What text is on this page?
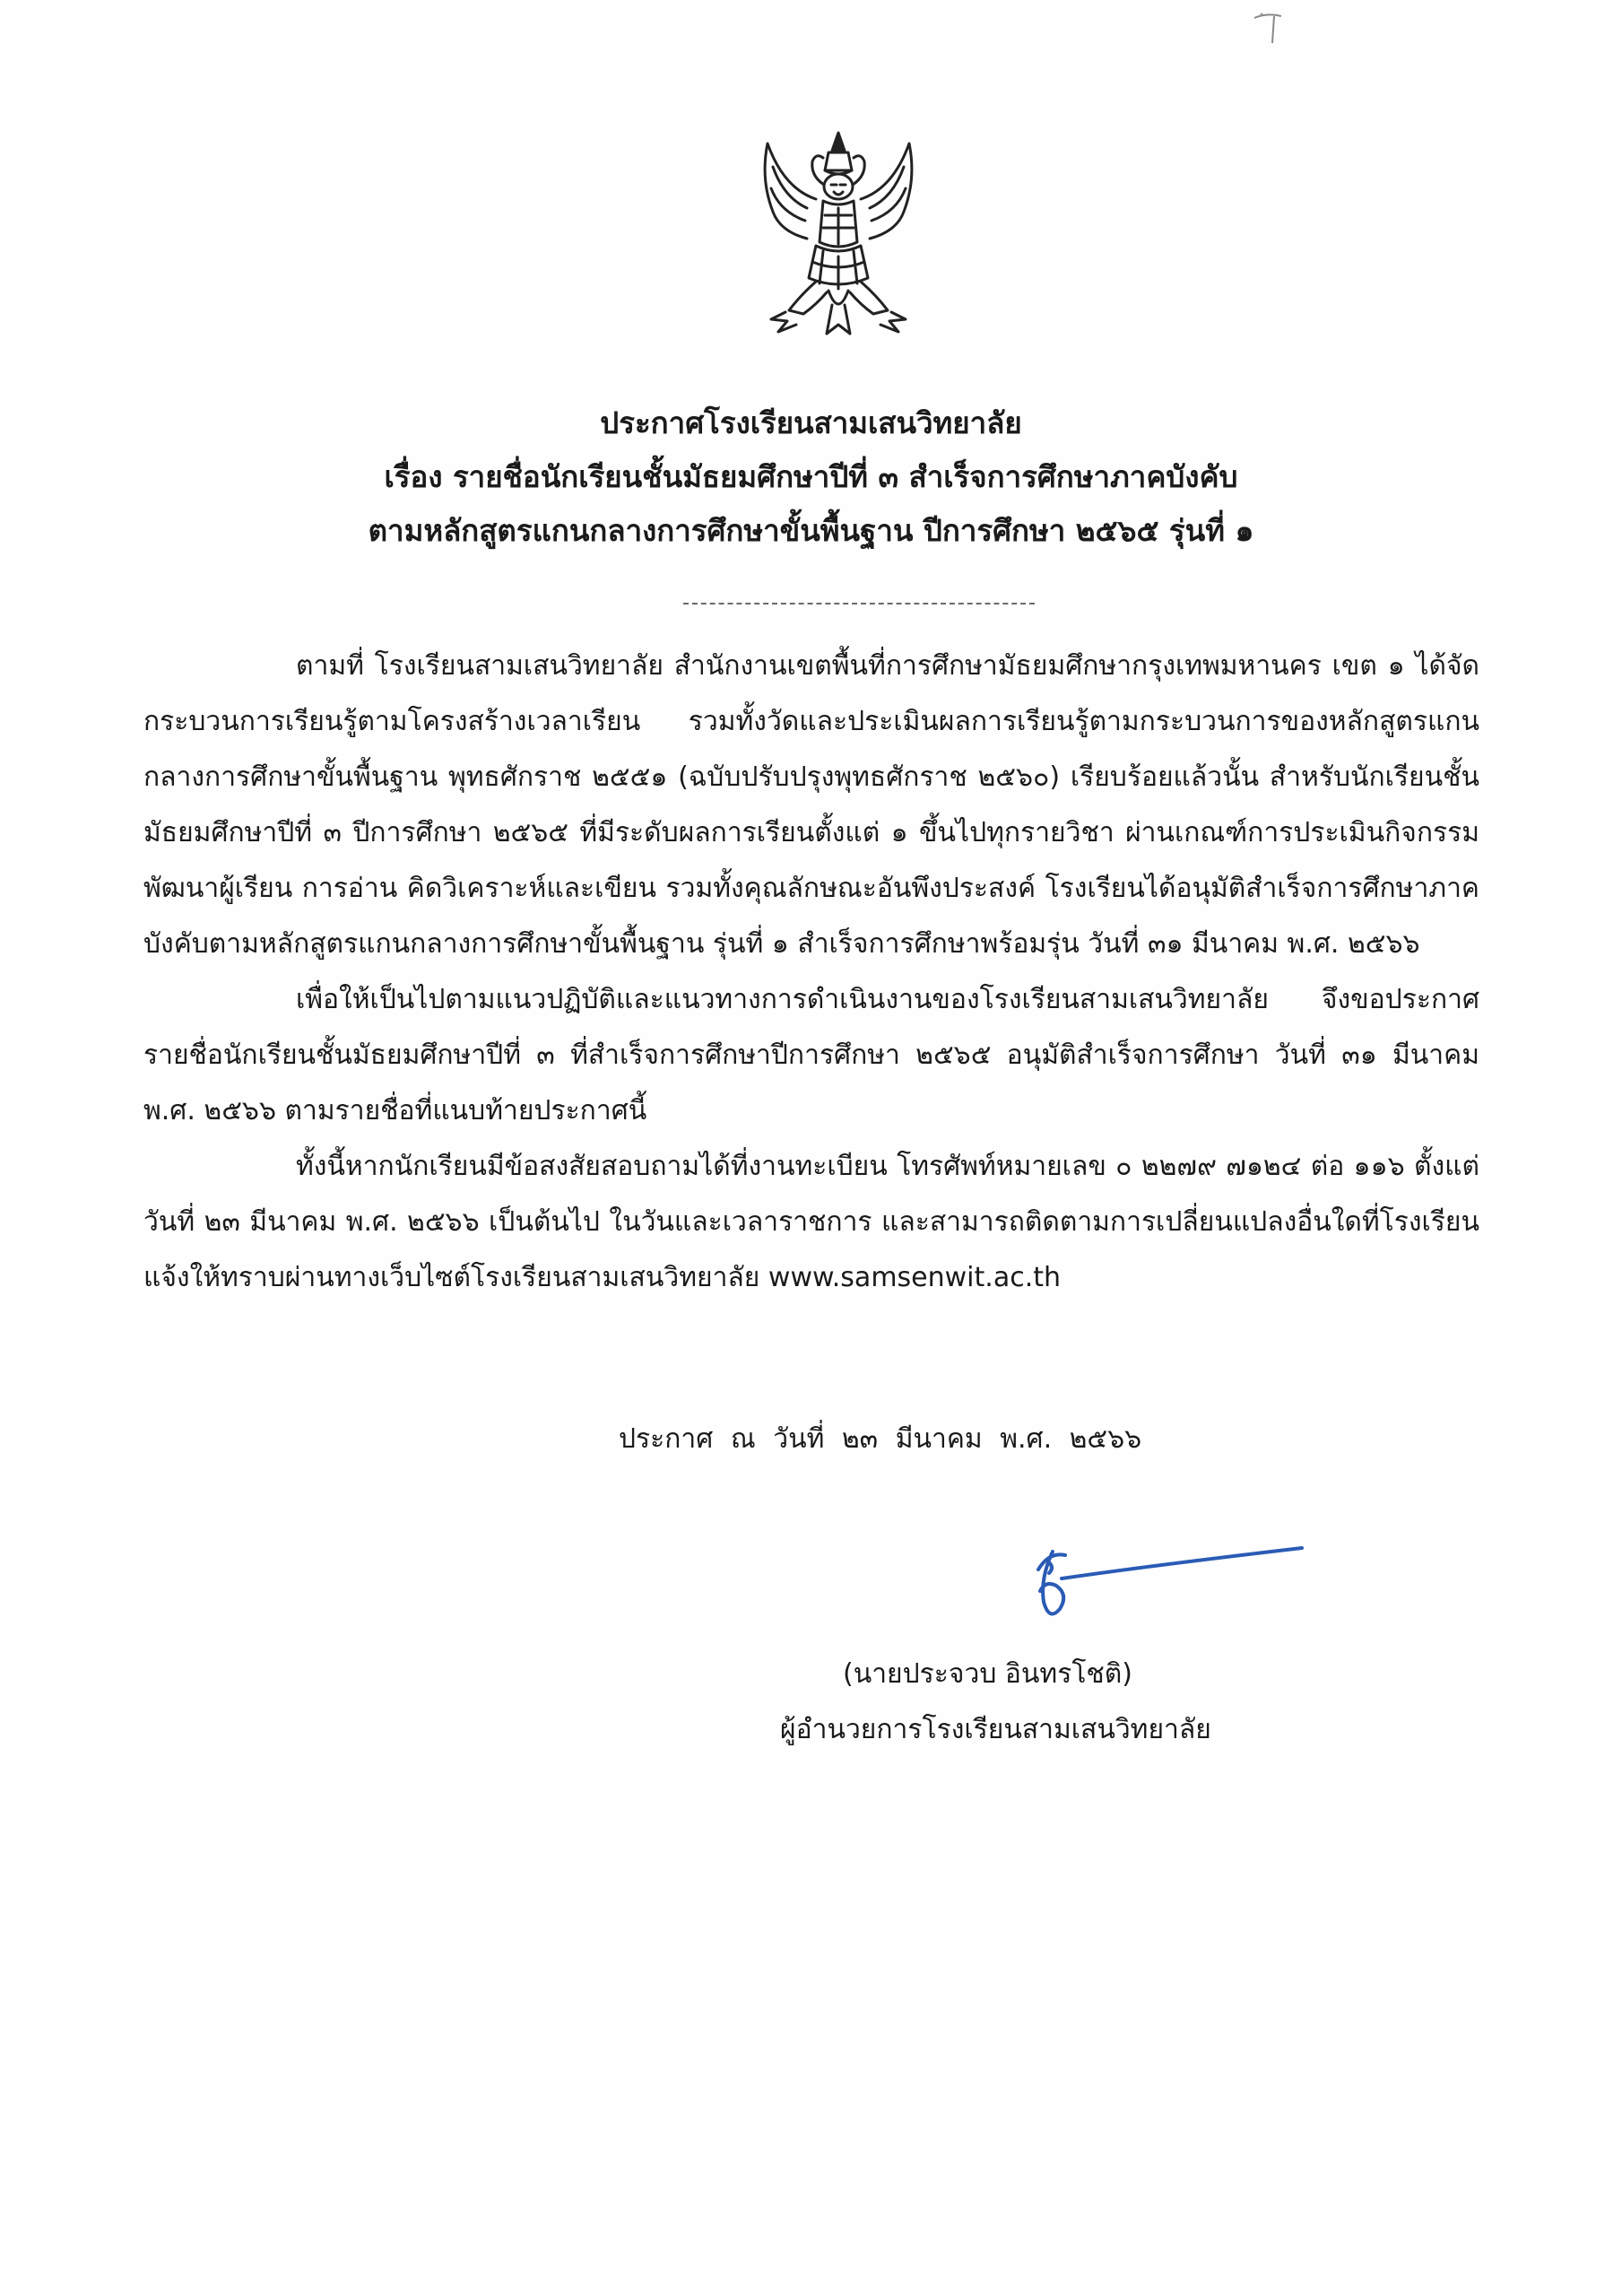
ประกาศโรงเรียนสามเสนวิทยาลัย
เรื่อง รายชื่อนักเรียนชั้นมัธยมศึกษาปีที่ ๓ สำเร็จการศึกษาภาคบังคับ
ตามหลักสูตรแกนกลางการศึกษาขั้นพื้นฐาน ปีการศึกษา ๒๕๖๕ รุ่นที่ ๑

ตามที่ โรงเรียนสามเสนวิทยาลัย สำนักงานเขตพื้นที่การศึกษามัธยมศึกษากรุงเทพมหานคร เขต ๑ ได้จัดกระบวนการเรียนรู้ตามโครงสร้างเวลาเรียน รวมทั้งวัดและประเมินผลการเรียนรู้ตามกระบวนการของหลักสูตรแกนกลางการศึกษาขั้นพื้นฐาน พุทธศักราช ๒๕๕๑ (ฉบับปรับปรุงพุทธศักราช ๒๕๖๐) เรียบร้อยแล้วนั้น สำหรับนักเรียนชั้นมัธยมศึกษาปีที่ ๓ ปีการศึกษา ๒๕๖๕ ที่มีระดับผลการเรียนตั้งแต่ ๑ ขึ้นไปทุกรายวิชา ผ่านเกณฑ์การประเมินกิจกรรมพัฒนาผู้เรียน การอ่าน คิดวิเคราะห์และเขียน รวมทั้งคุณลักษณะอันพึงประสงค์ โรงเรียนได้อนุมัติสำเร็จการศึกษาภาคบังคับตามหลักสูตรแกนกลางการศึกษาขั้นพื้นฐาน รุ่นที่ ๑ สำเร็จการศึกษาพร้อมรุ่น วันที่ ๓๑ มีนาคม พ.ศ. ๒๕๖๖

เพื่อให้เป็นไปตามแนวปฏิบัติและแนวทางการดำเนินงานของโรงเรียนสามเสนวิทยาลัย จึงขอประกาศรายชื่อนักเรียนชั้นมัธยมศึกษาปีที่ ๓ ที่สำเร็จการศึกษาปีการศึกษา ๒๕๖๕ อนุมัติสำเร็จการศึกษา วันที่ ๓๑ มีนาคม พ.ศ. ๒๕๖๖ ตามรายชื่อที่แนบท้ายประกาศนี้

ทั้งนี้หากนักเรียนมีข้อสงสัยสอบถามได้ที่งานทะเบียน โทรศัพท์หมายเลข ๐ ๒๒๗๙ ๗๑๒๔ ต่อ ๑๑๖ ตั้งแต่วันที่ ๒๓ มีนาคม พ.ศ. ๒๕๖๖ เป็นต้นไป ในวันและเวลาราชการ และสามารถติดตามการเปลี่ยนแปลงอื่นใดที่โรงเรียนแจ้งให้ทราบผ่านทางเว็บไซต์โรงเรียนสามเสนวิทยาลัย www.samsenwit.ac.th

ประกาศ ณ วันที่ ๒๓ มีนาคม พ.ศ. ๒๕๖๖
(นายประจวบ อินทรโชติ)
ผู้อำนวยการโรงเรียนสามเสนวิทยาลัย
